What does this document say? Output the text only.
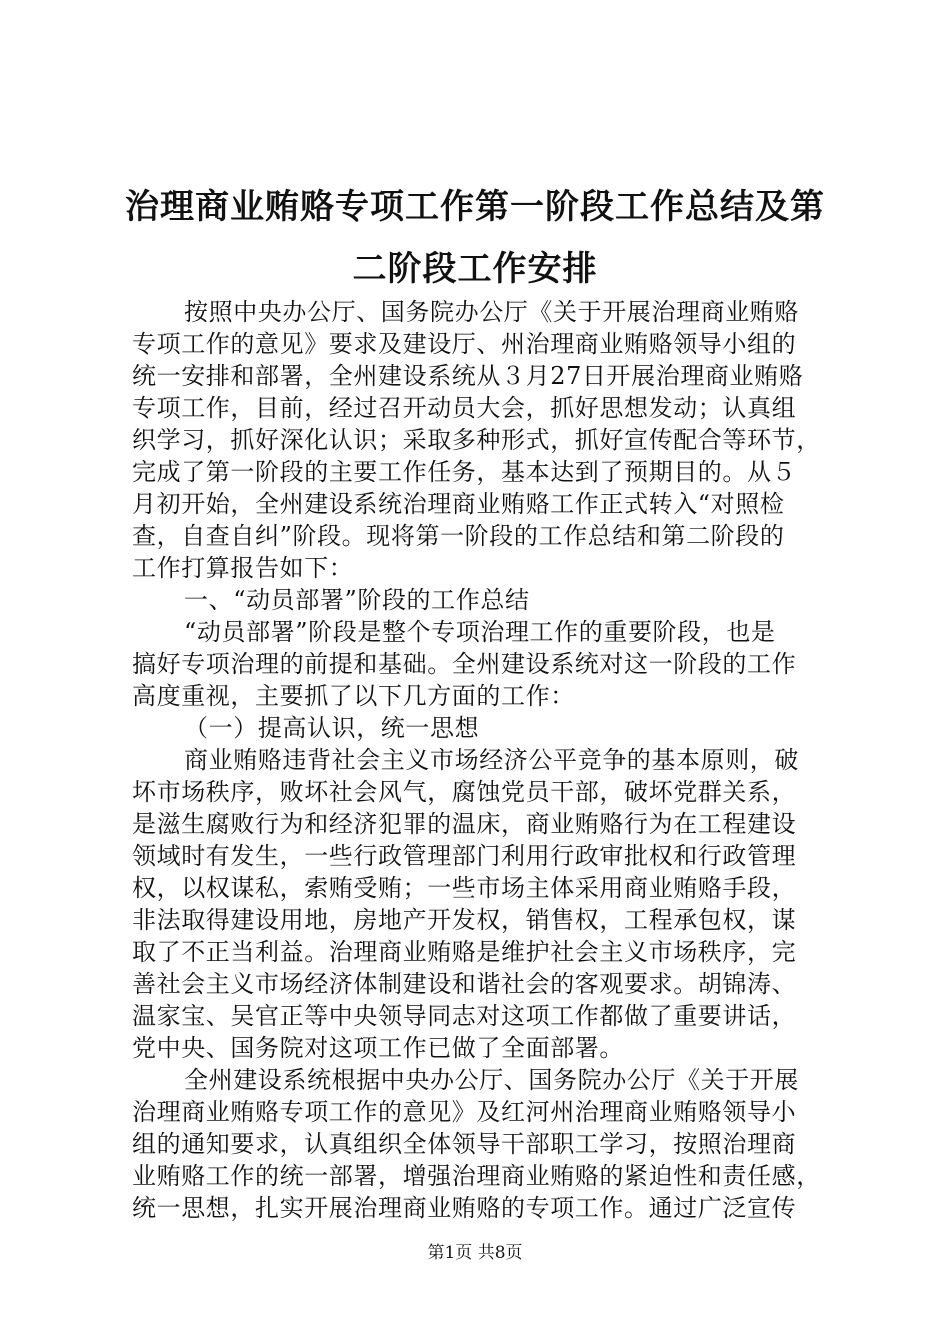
治理商业贿赂专项工作第一阶段工作总结及第
二阶段工作安排
按照中央办公厅、国务院办公厅《关于开展治理商业贿赂
专项工作的意见》要求及建设厅、州治理商业贿赂领导小组的
统一安排和部署，全州建设系统从３月27日开展治理商业贿赂
专项工作，目前，经过召开动员大会，抓好思想发动；认真组
织学习，抓好深化认识；采取多种形式，抓好宣传配合等环节，
完成了第一阶段的主要工作任务，基本达到了预期目的。从５
月初开始，全州建设系统治理商业贿赂工作正式转入“对照检
查，自查自纠”阶段。现将第一阶段的工作总结和第二阶段的
工作打算报告如下：
一、“动员部署”阶段的工作总结
“动员部署”阶段是整个专项治理工作的重要阶段，也是
搞好专项治理的前提和基础。全州建设系统对这一阶段的工作
高度重视，主要抓了以下几方面的工作：
（一）提高认识，统一思想
商业贿赂违背社会主义市场经济公平竞争的基本原则，破
坏市场秩序，败坏社会风气，腐蚀党员干部，破坏党群关系，
是滋生腐败行为和经济犯罪的温床，商业贿赂行为在工程建设
领域时有发生，一些行政管理部门利用行政审批权和行政管理
权，以权谋私，索贿受贿；一些市场主体采用商业贿赂手段，
非法取得建设用地，房地产开发权，销售权，工程承包权，谋
取了不正当利益。治理商业贿赂是维护社会主义市场秩序，完
善社会主义市场经济体制建设和谐社会的客观要求。胡锦涛、
温家宝、吴官正等中央领导同志对这项工作都做了重要讲话，
党中央、国务院对这项工作已做了全面部署。
全州建设系统根据中央办公厅、国务院办公厅《关于开展
治理商业贿赂专项工作的意见》及红河州治理商业贿赂领导小
组的通知要求，认真组织全体领导干部职工学习，按照治理商
业贿赂工作的统一部署，增强治理商业贿赂的紧迫性和责任感，
统一思想，扎实开展治理商业贿赂的专项工作。通过广泛宣传
第1页 共8页
